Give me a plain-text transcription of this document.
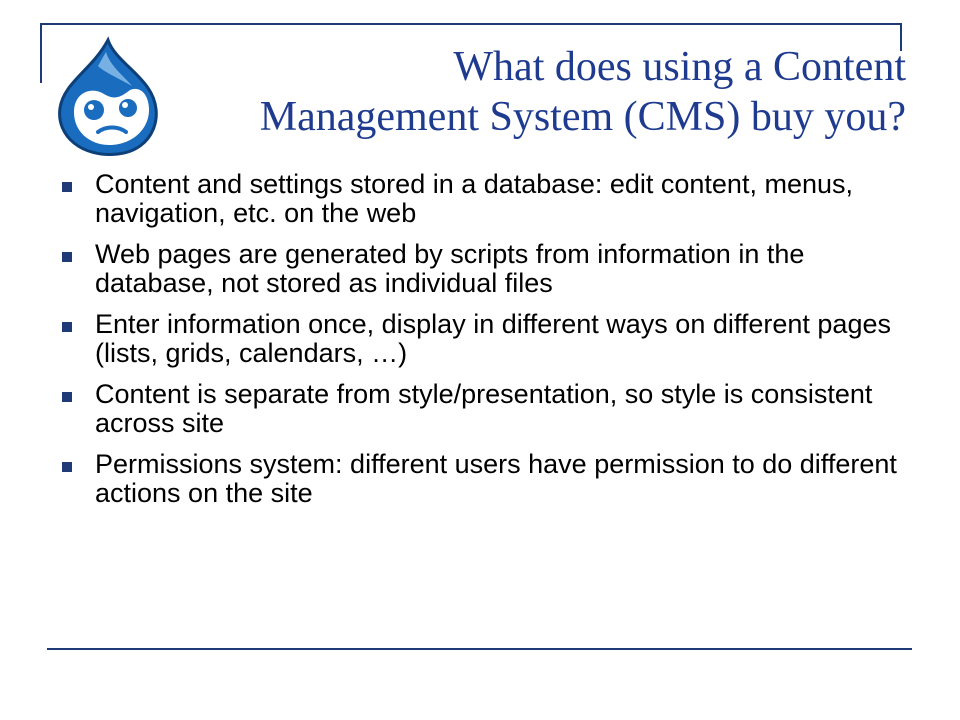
What does using a Content
Management System (CMS) buy you?
Content and settings stored in a database: edit content, menus, navigation, etc. on the web
Web pages are generated by scripts from information in the database, not stored as individual files
Enter information once, display in different ways on different pages (lists, grids, calendars, …)
Content is separate from style/presentation, so style is consistent across site
Permissions system: different users have permission to do different actions on the site
